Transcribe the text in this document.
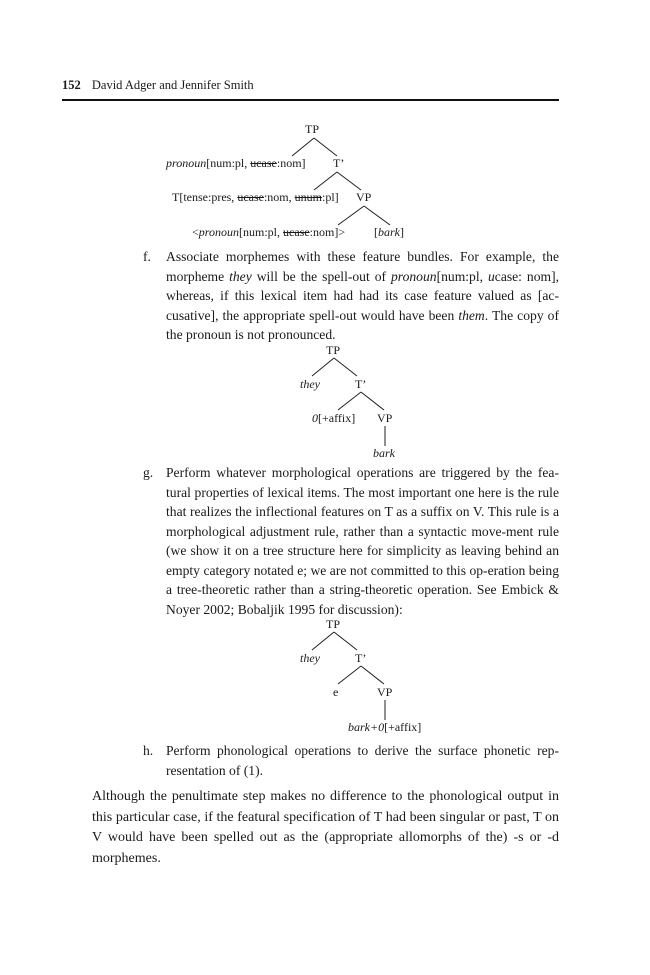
152 David Adger and Jennifer Smith
TP
pronoun[num:pl, ucase:nom] T’
T[tense:pres, ucase:nom, unum:pl] VP
<pronoun[num:pl, ucase:nom]> [bark]
f. Associate morphemes with these feature bundles. For example, the morpheme they will be the spell-out of pronoun[num:pl, ucase: nom], whereas, if this lexical item had had its case feature valued as [ac-cusative], the appropriate spell-out would have been them. The copy of the pronoun is not pronounced.
TP
they	T’
0[+affix] VP
bark
g. Perform whatever morphological operations are triggered by the fea-tural properties of lexical items. The most important one here is the rule that realizes the inflectional features on T as a suffix on V. This rule is a morphological adjustment rule, rather than a syntactic move-ment rule (we show it on a tree structure here for simplicity as leaving behind an empty category notated e; we are not committed to this op-eration being a tree-theoretic rather than a string-theoretic operation. See Embick & Noyer 2002; Bobaljik 1995 for discussion):
TP
they	T’
e	VP
bark+0[+affix]
h. Perform phonological operations to derive the surface phonetic rep-resentation of (1).
Although the penultimate step makes no difference to the phonological output in this particular case, if the featural specification of T had been singular or past, T on V would have been spelled out as the (appropriate allomorphs of the) -s or -d morphemes.
